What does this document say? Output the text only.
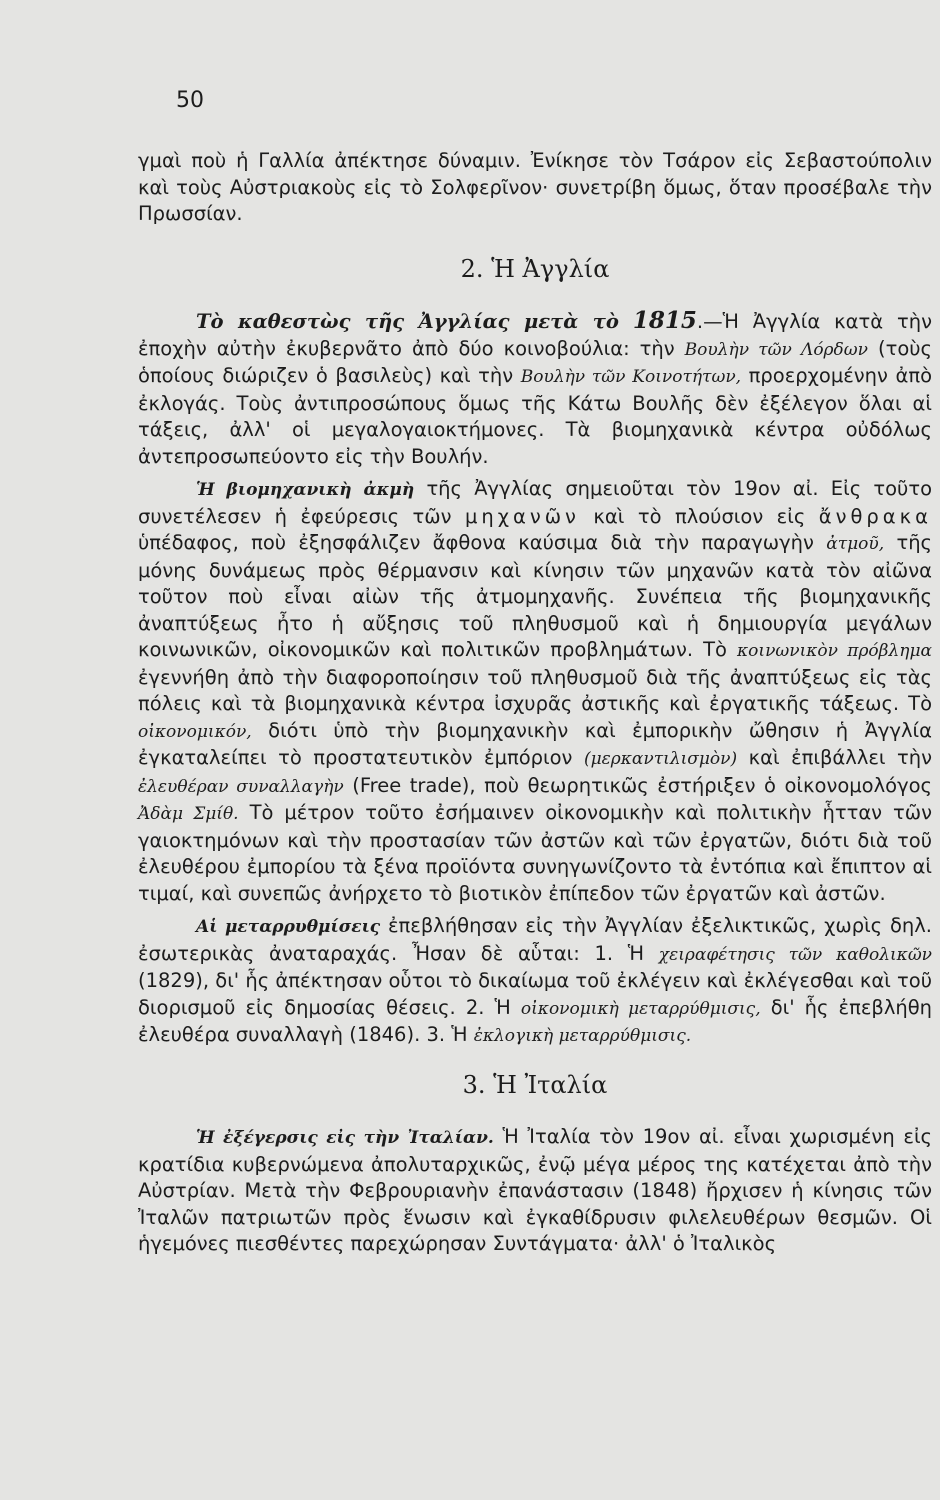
50

γμαὶ ποὺ ἡ Γαλλία ἀπέκτησε δύναμιν. Ἐνίκησε τὸν Τσάρον εἰς Σεβαστούπολιν καὶ τοὺς Αὐστριακοὺς εἰς τὸ Σολφερῖνον· συνετρίβη ὅμως, ὅταν προσέβαλε τὴν Πρωσσίαν.

2. Ἡ Ἀγγλία

Τὸ καθεστὼς τῆς Ἀγγλίας μετὰ τὸ 1815.—Ἡ Ἀγγλία κατὰ τὴν ἐποχὴν αὐτὴν ἐκυβερνᾶτο ἀπὸ δύο κοινοβούλια: τὴν Βουλὴν τῶν Λόρδων (τοὺς ὁποίους διώριζεν ὁ βασιλεὺς) καὶ τὴν Βουλὴν τῶν Κοινοτήτων, προερχομένην ἀπὸ ἐκλογάς. Τοὺς ἀντιπροσώπους ὅμως τῆς Κάτω Βουλῆς δὲν ἐξέλεγον ὅλαι αἱ τάξεις, ἀλλ' οἱ μεγαλογαιοκτήμονες. Τὰ βιομηχανικὰ κέντρα οὐδόλως ἀντεπροσωπεύοντο εἰς τὴν Βουλήν.

Ἡ βιομηχανικὴ ἀκμὴ τῆς Ἀγγλίας σημειοῦται τὸν 19ον αἰ. Εἰς τοῦτο συνετέλεσεν ἡ ἐφεύρεσις τῶν μηχανῶν καὶ τὸ πλούσιον εἰς ἄνθρακα ὑπέδαφος, ποὺ ἐξησφάλιζεν ἄφθονα καύσιμα διὰ τὴν παραγωγὴν ἀτμοῦ, τῆς μόνης δυνάμεως πρὸς θέρμανσιν καὶ κίνησιν τῶν μηχανῶν κατὰ τὸν αἰῶνα τοῦτον ποὺ εἶναι αἰὼν τῆς ἀτμομηχανῆς. Συνέπεια τῆς βιομηχανικῆς ἀναπτύξεως ἦτο ἡ αὔξησις τοῦ πληθυσμοῦ καὶ ἡ δημιουργία μεγάλων κοινωνικῶν, οἰκονομικῶν καὶ πολιτικῶν προβλημάτων. Τὸ κοινωνικὸν πρόβλημα ἐγεννήθη ἀπὸ τὴν διαφοροποίησιν τοῦ πληθυσμοῦ διὰ τῆς ἀναπτύξεως εἰς τὰς πόλεις καὶ τὰ βιομηχανικὰ κέντρα ἰσχυρᾶς ἀστικῆς καὶ ἐργατικῆς τάξεως. Τὸ οἰκονομικόν, διότι ὑπὸ τὴν βιομηχανικὴν καὶ ἐμπορικὴν ὤθησιν ἡ Ἀγγλία ἐγκαταλείπει τὸ προστατευτικὸν ἐμπόριον (μερκαντιλισμὸν) καὶ ἐπιβάλλει τὴν ἐλευθέραν συναλλαγὴν (Free trade), ποὺ θεωρητικῶς ἐστήριξεν ὁ οἰκονομολόγος Ἀδὰμ Σμίθ. Τὸ μέτρον τοῦτο ἐσήμαινεν οἰκονομικὴν καὶ πολιτικὴν ἧτταν τῶν γαιοκτημόνων καὶ τὴν προστασίαν τῶν ἀστῶν καὶ τῶν ἐργατῶν, διότι διὰ τοῦ ἐλευθέρου ἐμπορίου τὰ ξένα προϊόντα συνηγωνίζοντο τὰ ἐντόπια καὶ ἔπιπτον αἱ τιμαί, καὶ συνεπῶς ἀνήρχετο τὸ βιοτικὸν ἐπίπεδον τῶν ἐργατῶν καὶ ἀστῶν.

Αἱ μεταρρυθμίσεις ἐπεβλήθησαν εἰς τὴν Ἀγγλίαν ἐξελικτικῶς, χωρὶς δηλ. ἐσωτερικὰς ἀναταραχάς. Ἦσαν δὲ αὗται: 1. Ἡ χειραφέτησις τῶν καθολικῶν (1829), δι' ἧς ἀπέκτησαν οὗτοι τὸ δικαίωμα τοῦ ἐκλέγειν καὶ ἐκλέγεσθαι καὶ τοῦ διορισμοῦ εἰς δημοσίας θέσεις. 2. Ἡ οἰκονομικὴ μεταρρύθμισις, δι' ἧς ἐπεβλήθη ἐλευθέρα συναλλαγὴ (1846). 3. Ἡ ἐκλογικὴ μεταρρύθμισις.

3. Ἡ Ἰταλία

Ἡ ἐξέγερσις εἰς τὴν Ἰταλίαν. Ἡ Ἰταλία τὸν 19ον αἰ. εἶναι χωρισμένη εἰς κρατίδια κυβερνώμενα ἀπολυταρχικῶς, ἐνῷ μέγα μέρος της κατέχεται ἀπὸ τὴν Αὐστρίαν. Μετὰ τὴν Φεβρουριανὴν ἐπανάστασιν (1848) ἤρχισεν ἡ κίνησις τῶν Ἰταλῶν πατριωτῶν πρὸς ἕνωσιν καὶ ἐγκαθίδρυσιν φιλελευθέρων θεσμῶν. Οἱ ἡγεμόνες πιεσθέντες παρεχώρησαν Συντάγματα· ἀλλ' ὁ Ἰταλικὸς
